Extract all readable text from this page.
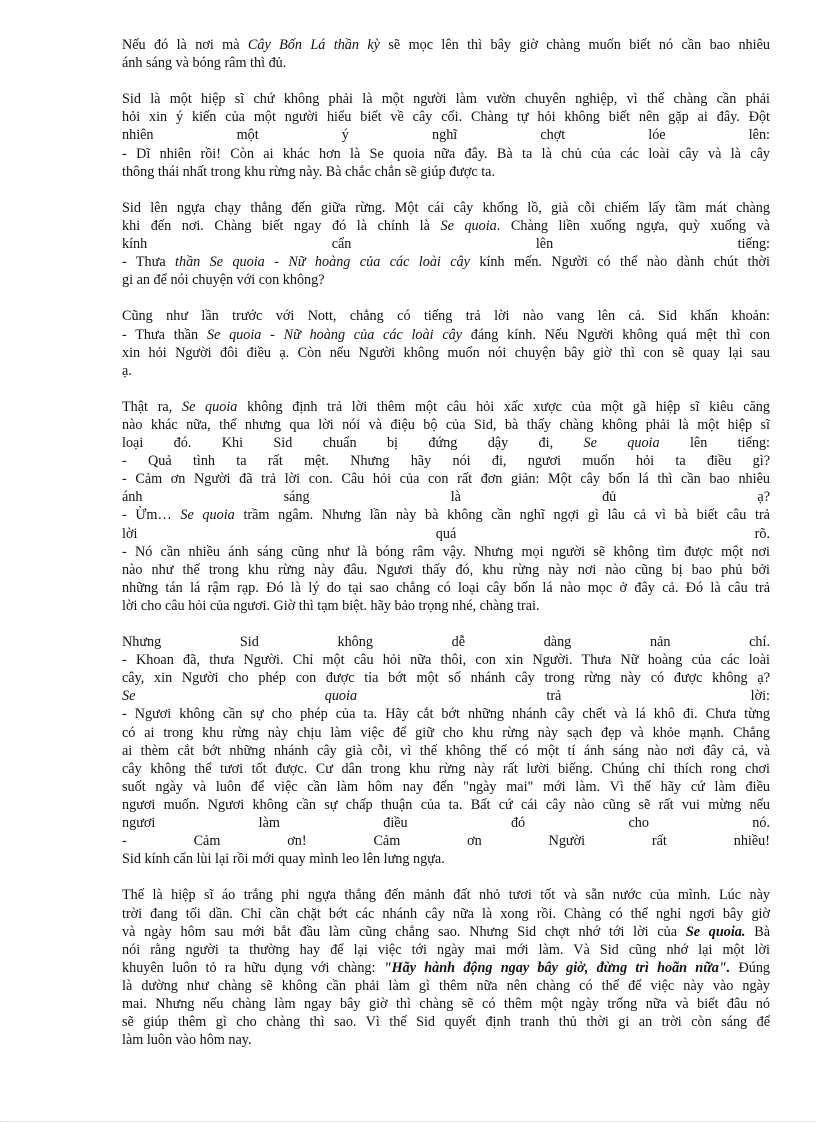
Nếu đó là nơi mà Cây Bốn Lá thần kỳ sẽ mọc lên thì bây giờ chàng muốn biết nó cần bao nhiêu
ánh sáng và bóng râm thì đủ.
Sid là một hiệp sĩ chứ không phải là một người làm vườn chuyên nghiệp, vì thế chàng cần phải
hỏi xin ý kiến của một người hiểu biết về cây cối. Chàng tự hỏi không biết nên gặp ai đây. Đột
nhiên một ý nghĩ chợt lóe lên:
- Dĩ nhiên rồi! Còn ai khác hơn là Se quoia nữa đây. Bà ta là chủ của các loài cây và là cây
thông thái nhất trong khu rừng này. Bà chắc chắn sẽ giúp được ta.
Sid lên ngựa chạy thẳng đến giữa rừng. Một cái cây khổng lồ, già cỗi chiếm lấy tầm mát chàng
khi đến nơi. Chàng biết ngay đó là chính là Se quoia. Chàng liền xuống ngựa, quỳ xuống và
kính cẩn lên tiếng:
- Thưa thần Se quoia - Nữ hoàng của các loài cây kính mến. Người có thể nào dành chút thời
gi an để nói chuyện với con không?
Cũng như lần trước với Nott, chẳng có tiếng trả lời nào vang lên cả. Sid khẩn khoản:
- Thưa thần Se quoia - Nữ hoàng của các loài cây đáng kính. Nếu Người không quá mệt thì con
xin hỏi Người đôi điều ạ. Còn nếu Người không muốn nói chuyện bây giờ thì con sẽ quay lại sau
ạ.
Thật ra, Se quoia không định trả lời thêm một câu hỏi xấc xược của một gã hiệp sĩ kiêu căng
nào khác nữa, thế nhưng qua lời nói và điệu bộ của Sid, bà thấy chàng không phải là một hiệp sĩ
loại đó. Khi Sid chuẩn bị đứng dậy đi, Se quoia lên tiếng:
- Quả tình ta rất mệt. Nhưng hãy nói đi, ngươi muốn hỏi ta điều gì?
- Cảm ơn Người đã trả lời con. Câu hỏi của con rất đơn giản: Một cây bốn lá thì cần bao nhiêu
ánh sáng là đủ ạ?
- Ừm… Se quoia trầm ngâm. Nhưng lần này bà không cần nghĩ ngợi gì lâu cả vì bà biết câu trả
lời quá rõ.
- Nó cần nhiều ánh sáng cũng như là bóng râm vậy. Nhưng mọi người sẽ không tìm được một nơi
nào như thế trong khu rừng này đâu. Ngươi thấy đó, khu rừng này nơi nào cũng bị bao phủ bởi
những tán lá rậm rạp. Đó là lý do tại sao chẳng có loại cây bốn lá nào mọc ở đây cả. Đó là câu trả
lời cho câu hỏi của ngươi. Giờ thì tạm biệt. hãy bảo trọng nhé, chàng trai.
Nhưng Sid không dễ dàng nản chí.
- Khoan đã, thưa Người. Chỉ một câu hỏi nữa thôi, con xin Người. Thưa Nữ hoàng của các loài
cây, xin Người cho phép con được tỉa bớt một số nhánh cây trong rừng này có được không ạ?
Se quoia trả lời:
- Ngươi không cần sự cho phép của ta. Hãy cắt bớt những nhánh cây chết và lá khô đi. Chưa từng
có ai trong khu rừng này chịu làm việc để giữ cho khu rừng này sạch đẹp và khỏe mạnh. Chẳng
ai thèm cắt bớt những nhánh cây già cỗi, vì thế không thể có một tí ánh sáng nào nơi đây cả, và
cây không thể tươi tốt được. Cư dân trong khu rừng này rất lười biếng. Chúng chỉ thích rong chơi
suốt ngày và luôn để việc cần làm hôm nay đến "ngày mai" mới làm. Vì thế hãy cứ làm điều
ngươi muốn. Ngươi không cần sự chấp thuận của ta. Bất cứ cái cây nào cũng sẽ rất vui mừng nếu
ngươi làm điều đó cho nó.
- Cảm ơn! Cảm ơn Người rất nhiều!
Sid kính cẩn lùi lại rồi mới quay mình leo lên lưng ngựa.
Thế là hiệp sĩ áo trắng phi ngựa thẳng đến mảnh đất nhỏ tươi tốt và sẵn nước của mình. Lúc này
trời đang tối dần. Chỉ cần chặt bớt các nhánh cây nữa là xong rồi. Chàng có thể nghỉ ngơi bây giờ
và ngày hôm sau mới bắt đầu làm cũng chẳng sao. Nhưng Sid chợt nhớ tới lời của Se quoia. Bà
nói rằng người ta thường hay để lại việc tới ngày mai mới làm. Và Sid cũng nhớ lại một lời
khuyên luôn tỏ ra hữu dụng với chàng: "Hãy hành động ngay bây giờ, đừng trì hoãn nữa". Đúng
là dường như chàng sẽ không cần phải làm gì thêm nữa nên chàng có thể để việc này vào ngày
mai. Nhưng nếu chàng làm ngay bây giờ thì chàng sẽ có thêm một ngày trống nữa và biết đâu nó
sẽ giúp thêm gì cho chàng thì sao. Vì thế Sid quyết định tranh thủ thời gi an trời còn sáng để
làm luôn vào hôm nay.
